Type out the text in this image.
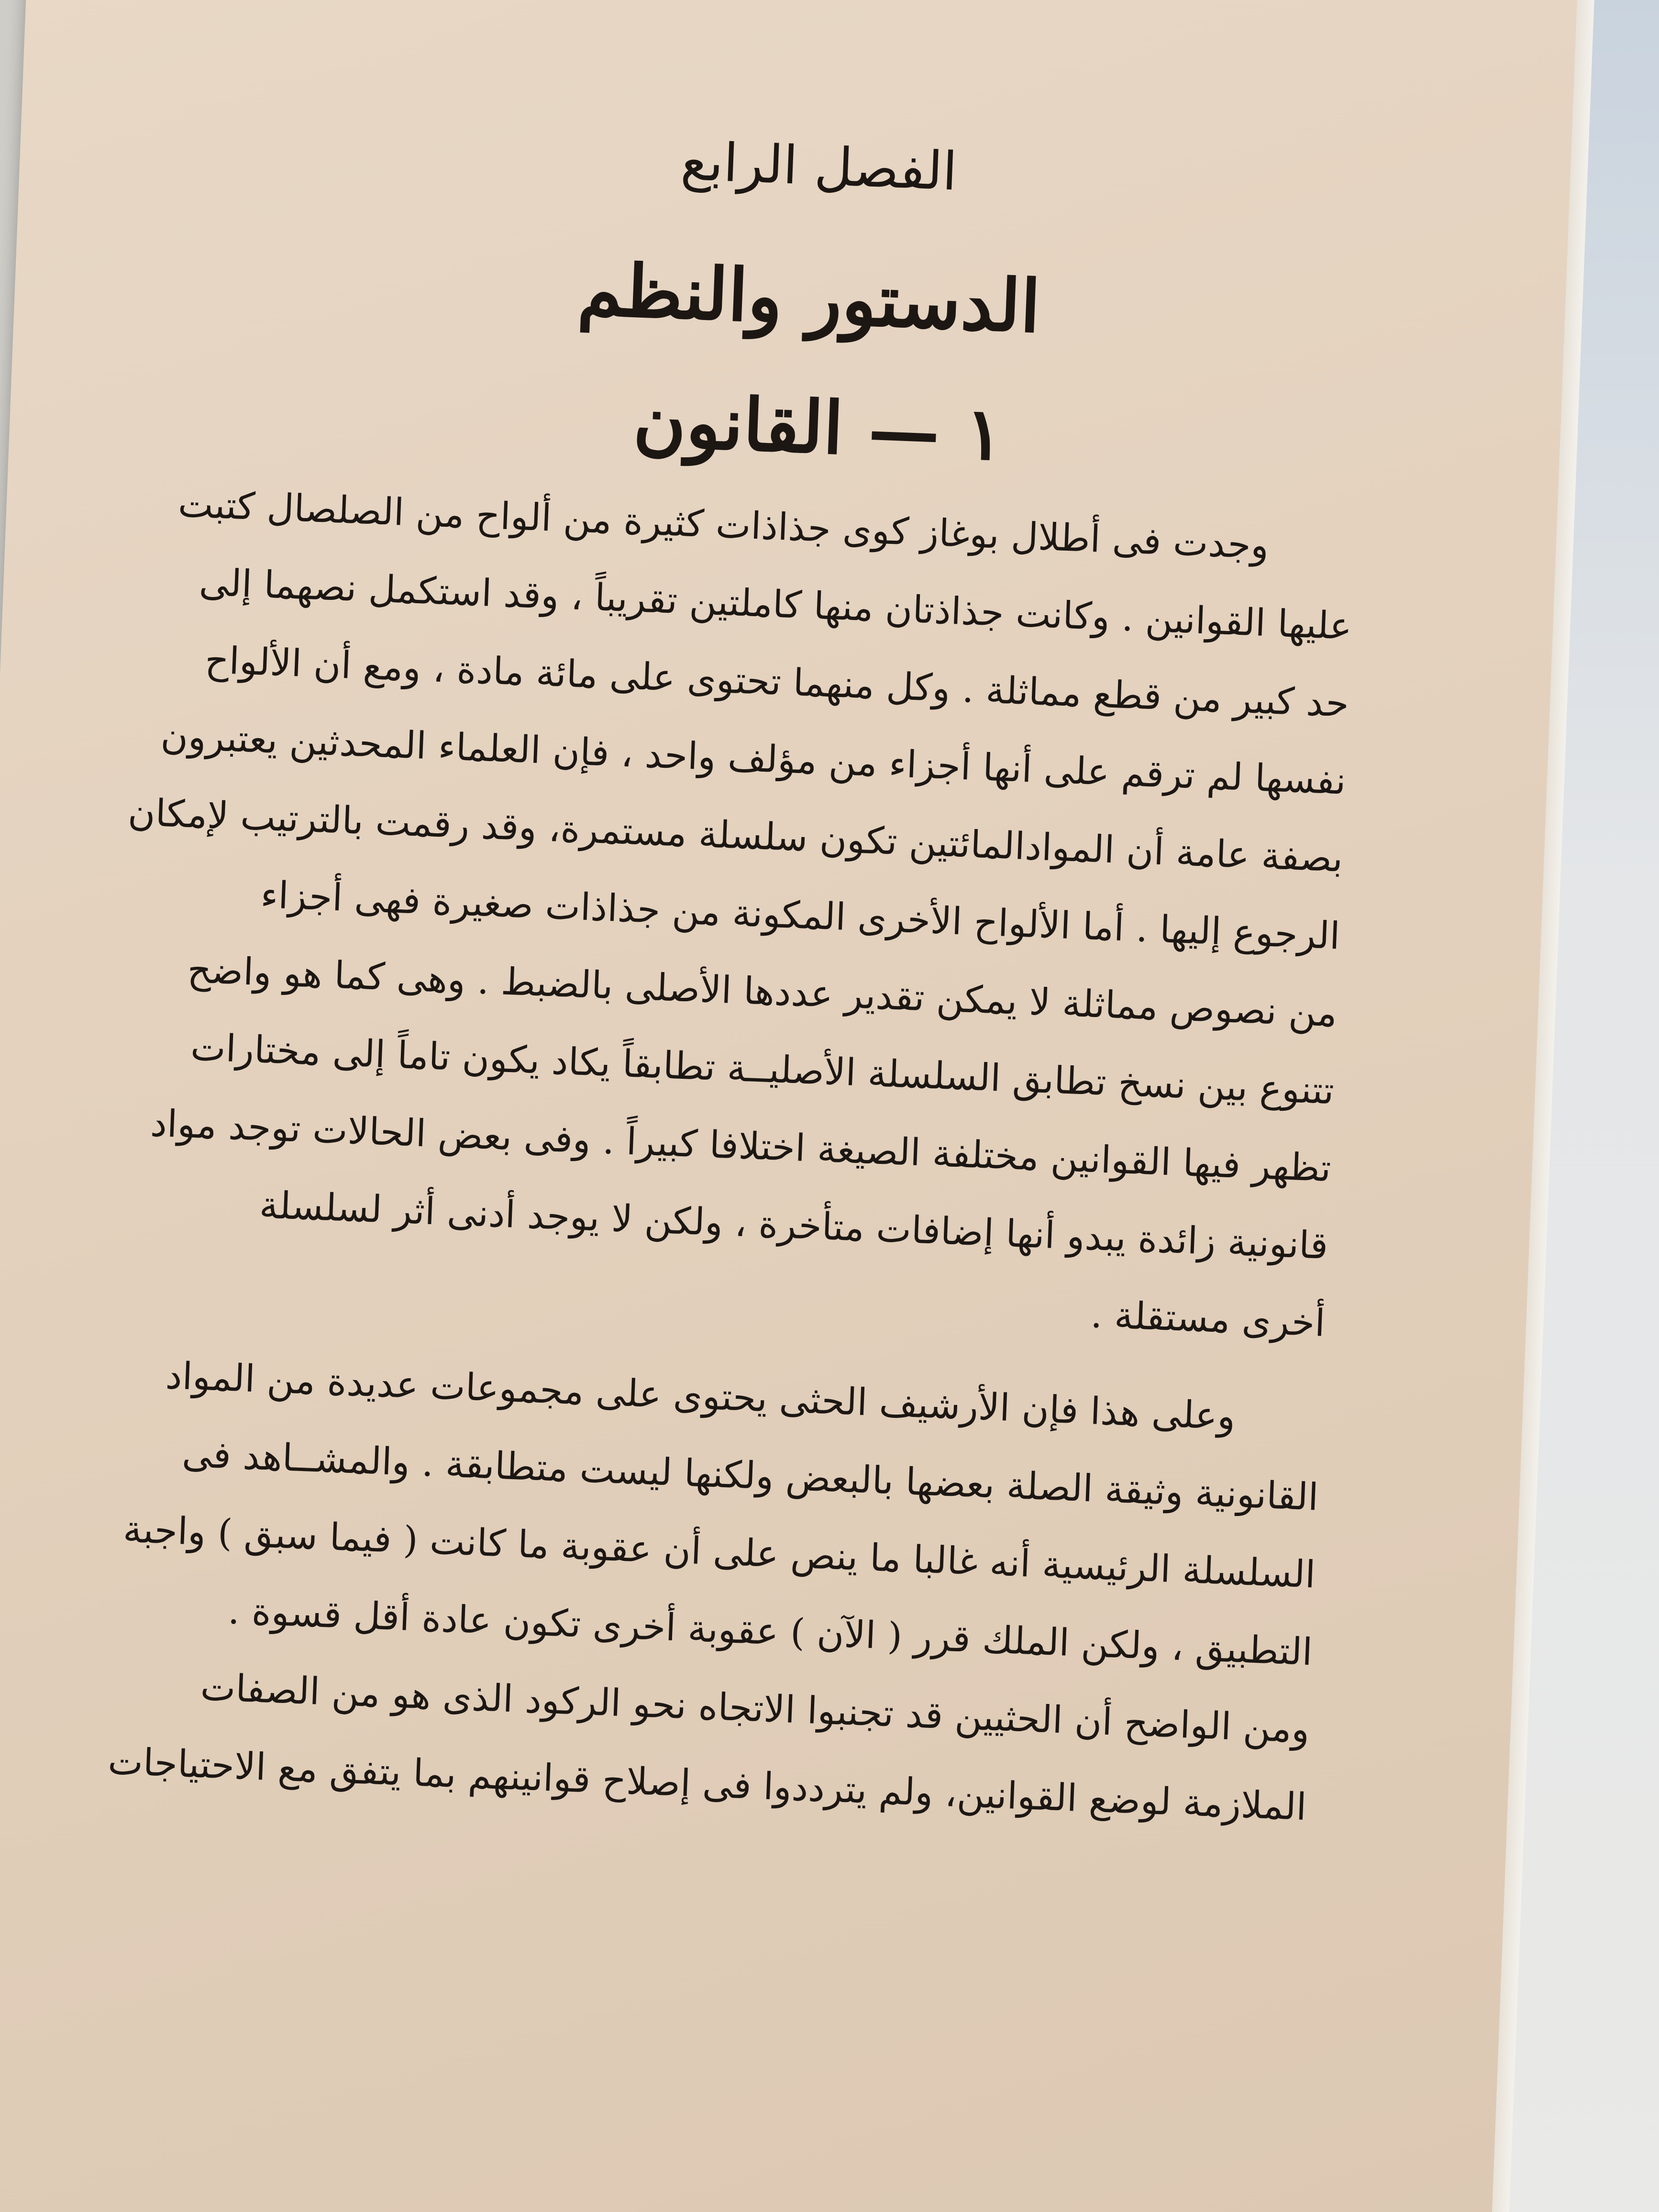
الفصل الرابع
الدستور والنظم
١ — القانون
وجدت فى أطلال بوغاز كوى جذاذات كثيرة من ألواح من الصلصال كتبت
عليها القوانين . وكانت جذاذتان منها كاملتين تقريباً ، وقد استكمل نصهما إلى
حد كبير من قطع مماثلة . وكل منهما تحتوى على مائة مادة ، ومع أن الألواح
نفسها لم ترقم على أنها أجزاء من مؤلف واحد ، فإن العلماء المحدثين يعتبرون
بصفة عامة أن الموادالمائتين تكون سلسلة مستمرة، وقد رقمت بالترتيب لإمكان
الرجوع إليها . أما الألواح الأخرى المكونة من جذاذات صغيرة فهى أجزاء
من نصوص مماثلة لا يمكن تقدير عددها الأصلى بالضبط . وهى كما هو واضح
تتنوع بين نسخ تطابق السلسلة الأصليــة تطابقاً يكاد يكون تاماً إلى مختارات
تظهر فيها القوانين مختلفة الصيغة اختلافا كبيراً . وفى بعض الحالات توجد مواد
قانونية زائدة يبدو أنها إضافات متأخرة ، ولكن لا يوجد أدنى أثر لسلسلة
أخرى مستقلة .
وعلى هذا فإن الأرشيف الحثى يحتوى على مجموعات عديدة من المواد
القانونية وثيقة الصلة بعضها بالبعض ولكنها ليست متطابقة . والمشــاهد فى
السلسلة الرئيسية أنه غالبا ما ينص على أن عقوبة ما كانت ( فيما سبق ) واجبة
التطبيق ، ولكن الملك قرر ( الآن ) عقوبة أخرى تكون عادة أقل قسوة .
ومن الواضح أن الحثيين قد تجنبوا الاتجاه نحو الركود الذى هو من الصفات
الملازمة لوضع القوانين، ولم يترددوا فى إصلاح قوانينهم بما يتفق مع الاحتياجات
